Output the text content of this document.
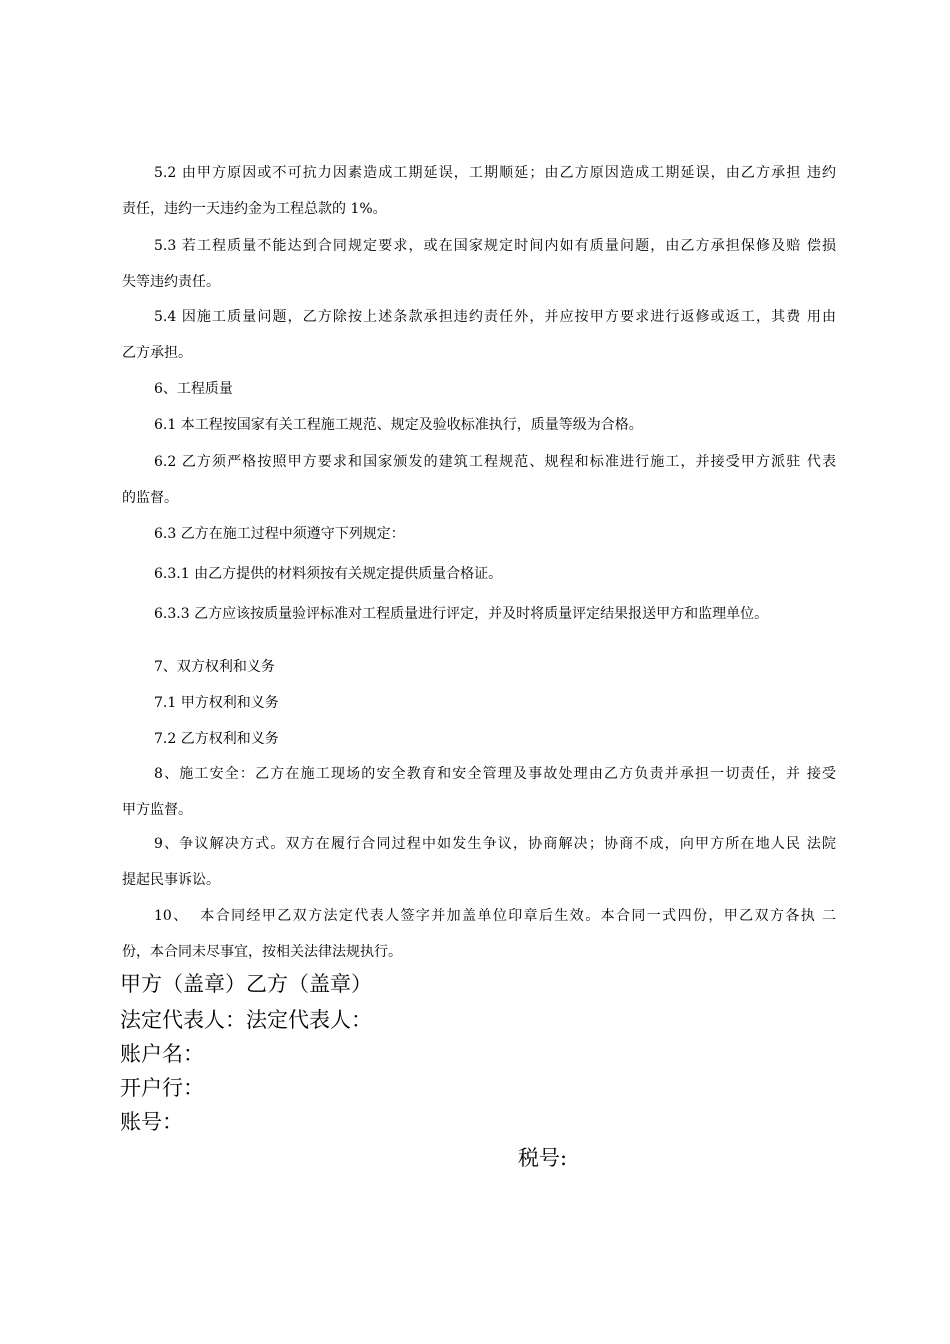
5.2 由甲方原因或不可抗力因素造成工期延误，工期顺延；由乙方原因造成工期延误，由乙方承担 违约
责任，违约一天违约金为工程总款的 1%。
5.3 若工程质量不能达到合同规定要求，或在国家规定时间内如有质量问题，由乙方承担保修及赔 偿损
失等违约责任。
5.4 因施工质量问题，乙方除按上述条款承担违约责任外，并应按甲方要求进行返修或返工，其费 用由
乙方承担。
6、工程质量
6.1 本工程按国家有关工程施工规范、规定及验收标准执行，质量等级为合格。
6.2 乙方须严格按照甲方要求和国家颁发的建筑工程规范、规程和标准进行施工，并接受甲方派驻 代表
的监督。
6.3 乙方在施工过程中须遵守下列规定：
6.3.1 由乙方提供的材料须按有关规定提供质量合格证。
6.3.3 乙方应该按质量验评标准对工程质量进行评定，并及时将质量评定结果报送甲方和监理单位。
7、双方权利和义务
7.1 甲方权利和义务
7.2 乙方权利和义务
8、施工安全：乙方在施工现场的安全教育和安全管理及事故处理由乙方负责并承担一切责任，并 接受
甲方监督。
9、争议解决方式。双方在履行合同过程中如发生争议，协商解决；协商不成，向甲方所在地人民 法院
提起民事诉讼。
10、  本合同经甲乙双方法定代表人签字并加盖单位印章后生效。本合同一式四份，甲乙双方各执 二
份，本合同未尽事宜，按相关法律法规执行。
甲方（盖章）乙方（盖章）
法定代表人：法定代表人：
账户名：
开户行：
账号：
税号:
